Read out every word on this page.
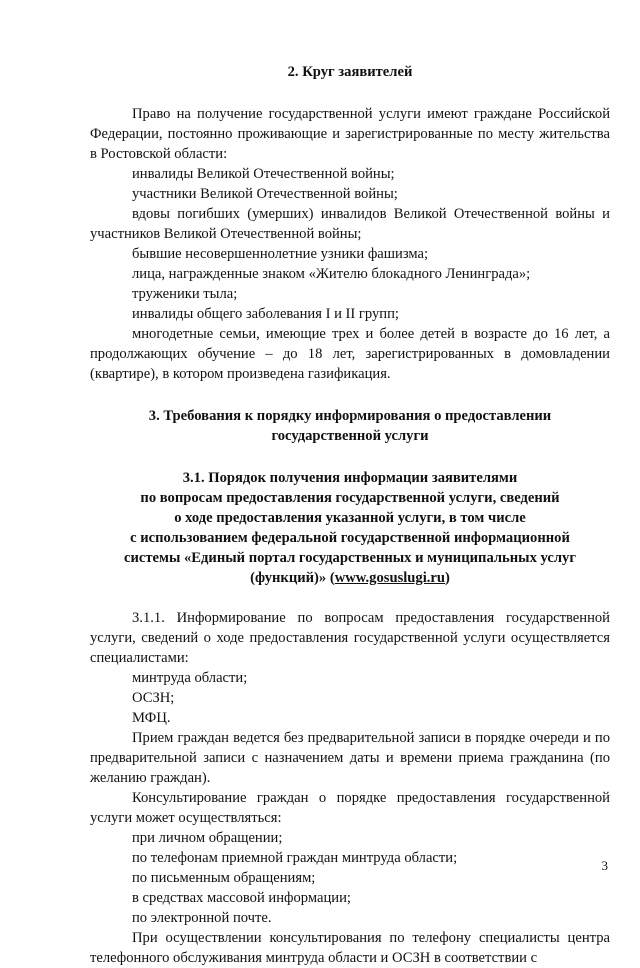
2. Круг заявителей

Право на получение государственной услуги имеют граждане Российской Федерации, постоянно проживающие и зарегистрированные по месту жительства в Ростовской области:

инвалиды Великой Отечественной войны;

участники Великой Отечественной войны;

вдовы погибших (умерших) инвалидов Великой Отечественной войны и участников Великой Отечественной войны;

бывшие несовершеннолетние узники фашизма;

лица, награжденные знаком «Жителю блокадного Ленинграда»;

труженики тыла;

инвалиды общего заболевания I и II групп;

многодетные семьи, имеющие трех и более детей в возрасте до 16 лет, а продолжающих обучение – до 18 лет, зарегистрированных в домовладении (квартире), в котором произведена газификация.

3. Требования к порядку информирования о предоставлении
государственной услуги
3.1. Порядок получения информации заявителями
по вопросам предоставления государственной услуги, сведений
о ходе предоставления указанной услуги, в том числе
с использованием федеральной государственной информационной
системы «Единый портал государственных и муниципальных услуг
(функций)» (www.gosuslugi.ru)

3.1.1. Информирование по вопросам предоставления государственной услуги, сведений о ходе предоставления государственной услуги осуществляется специалистами:

минтруда области;

ОСЗН;

МФЦ.

Прием граждан ведется без предварительной записи в порядке очереди и по предварительной записи с назначением даты и времени приема гражданина (по желанию граждан).

Консультирование граждан о порядке предоставления государственной услуги может осуществляться:

при личном обращении;

по телефонам приемной граждан минтруда области;

по письменным обращениям;

в средствах массовой информации;

по электронной почте.

При осуществлении консультирования по телефону специалисты центра телефонного обслуживания минтруда области и ОСЗН в соответствии с

3
